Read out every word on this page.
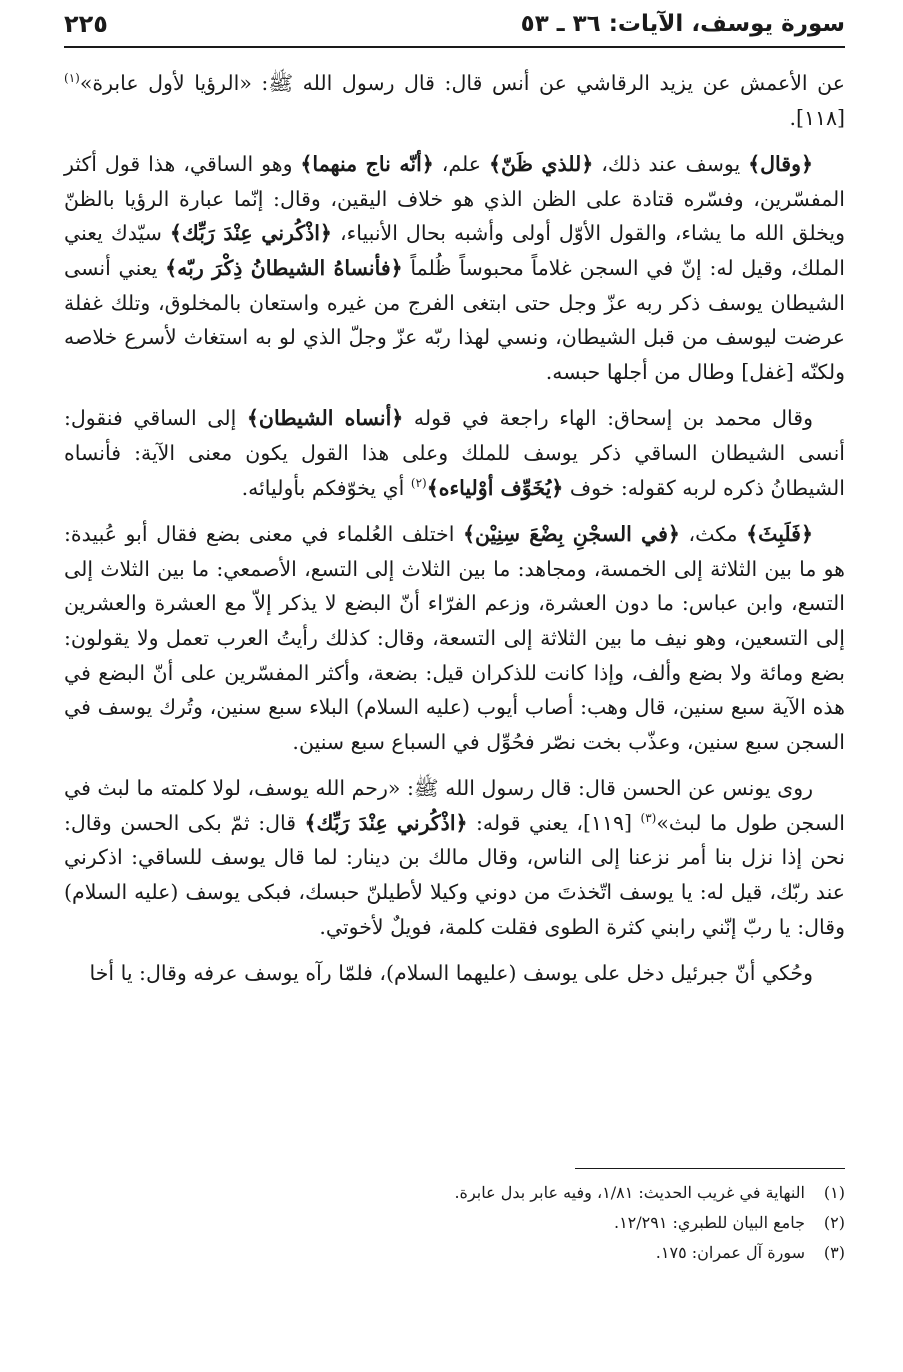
سورة يوسف، الآيات: ٣٦ ـ ٥٣
٢٢٥

عن الأعمش عن يزيد الرقاشي عن أنس قال: قال رسول الله ﷺ: «الرؤيا لأول عابرة»$^{(١)}$ [١١٨].

﴿وقال﴾ يوسف عند ذلك، ﴿للذي ظَنّ﴾ علم، ﴿أنّه ناج منهما﴾ وهو الساقي، هذا قول أكثر المفسّرين، وفسّره قتادة على الظن الذي هو خلاف اليقين، وقال: إنّما عبارة الرؤيا بالظنّ ويخلق الله ما يشاء، والقول الأوّل أولى وأشبه بحال الأنبياء، ﴿اذْكُرني عِنْدَ رَبِّك﴾ سيّدك يعني الملك، وقيل له: إنّ في السجن غلاماً محبوساً ظُلماً ﴿فأنساهُ الشيطانُ ذِكْرَ ربّه﴾ يعني أنسى الشيطان يوسف ذكر ربه عزّ وجل حتى ابتغى الفرج من غيره واستعان بالمخلوق، وتلك غفلة عرضت ليوسف من قبل الشيطان، ونسي لهذا ربّه عزّ وجلّ الذي لو به استغاث لأسرع خلاصه ولكنّه [غفل] وطال من أجلها حبسه.

وقال محمد بن إسحاق: الهاء راجعة في قوله ﴿أنساه الشيطان﴾ إلى الساقي فنقول: أنسى الشيطان الساقي ذكر يوسف للملك وعلى هذا القول يكون معنى الآية: فأنساه الشيطانُ ذكره لربه كقوله: خوف ﴿يُخَوِّف أوْلياءه﴾$^{(٢)}$ أي يخوّفكم بأوليائه.

﴿فَلَبِثَ﴾ مكث، ﴿في السجْنِ بِضْعَ سِنِيْن﴾ اختلف العُلماء في معنى بضع فقال أبو عُبيدة: هو ما بين الثلاثة إلى الخمسة، ومجاهد: ما بين الثلاث إلى التسع، الأصمعي: ما بين الثلاث إلى التسع، وابن عباس: ما دون العشرة، وزعم الفرّاء أنّ البضع لا يذكر إلاّ مع العشرة والعشرين إلى التسعين، وهو نيف ما بين الثلاثة إلى التسعة، وقال: كذلك رأيتُ العرب تعمل ولا يقولون: بضع ومائة ولا بضع وألف، وإذا كانت للذكران قيل: بضعة، وأكثر المفسّرين على أنّ البضع في هذه الآية سبع سنين، قال وهب: أصاب أيوب (عليه السلام) البلاء سبع سنين، وتُرك يوسف في السجن سبع سنين، وعذّب بخت نصّر فحُوِّل في السباع سبع سنين.

روى يونس عن الحسن قال: قال رسول الله ﷺ: «رحم الله يوسف، لولا كلمته ما لبث في السجن طول ما لبث»$^{(٣)}$ [١١٩]، يعني قوله: ﴿اذْكُرني عِنْدَ رَبِّك﴾ قال: ثمّ بكى الحسن وقال: نحن إذا نزل بنا أمر نزعنا إلى الناس، وقال مالك بن دينار: لما قال يوسف للساقي: اذكرني عند ربّك، قيل له: يا يوسف اتّخذتَ من دوني وكيلا لأطيلنّ حبسك، فبكى يوسف (عليه السلام) وقال: يا ربّ إنّني رابني كثرة الطوى فقلت كلمة، فويلٌ لأخوتي.

وحُكي أنّ جبرئيل دخل على يوسف (عليهما السلام)، فلمّا رآه يوسف عرفه وقال: يا أخا

(١)
النهاية في غريب الحديث: ١/٨١، وفيه عابر بدل عابرة.
(٢)
جامع البيان للطبري: ١٢/٢٩١.
(٣)
سورة آل عمران: ١٧٥.
